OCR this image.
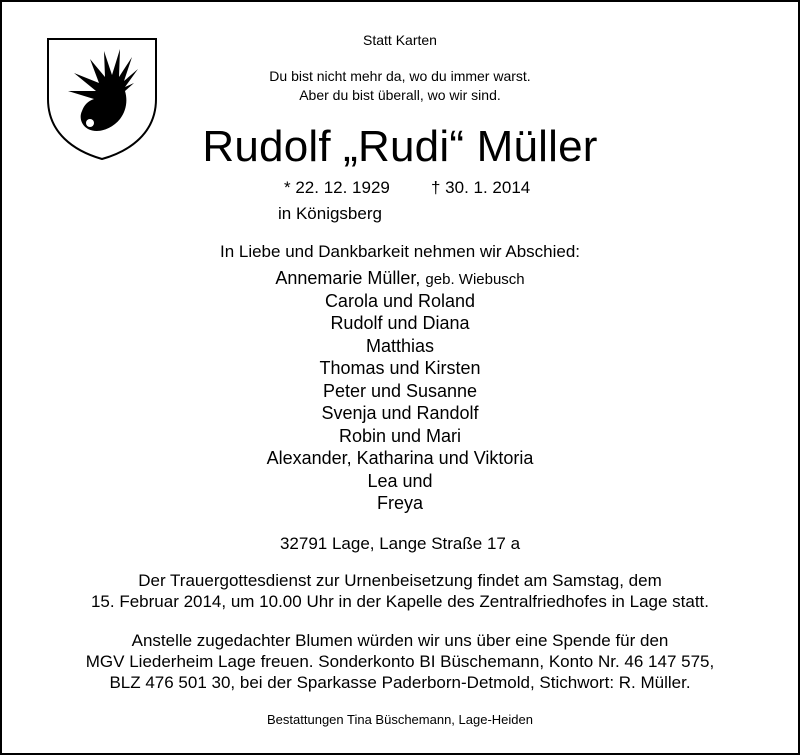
Statt Karten
Du bist nicht mehr da, wo du immer warst.
Aber du bist überall, wo wir sind.
Rudolf „Rudi“ Müller
* 22. 12. 1929 † 30. 1. 2014
in Königsberg
In Liebe und Dankbarkeit nehmen wir Abschied:
Annemarie Müller, geb. Wiebusch
Carola und Roland
Rudolf und Diana
Matthias
Thomas und Kirsten
Peter und Susanne
Svenja und Randolf
Robin und Mari
Alexander, Katharina und Viktoria
Lea und
Freya
32791 Lage, Lange Straße 17 a
Der Trauergottesdienst zur Urnenbeisetzung findet am Samstag, dem
15. Februar 2014, um 10.00 Uhr in der Kapelle des Zentralfriedhofes in Lage statt.
Anstelle zugedachter Blumen würden wir uns über eine Spende für den
MGV Liederheim Lage freuen. Sonderkonto BI Büschemann, Konto Nr. 46 147 575,
BLZ 476 501 30, bei der Sparkasse Paderborn-Detmold, Stichwort: R. Müller.
Bestattungen Tina Büschemann, Lage-Heiden
